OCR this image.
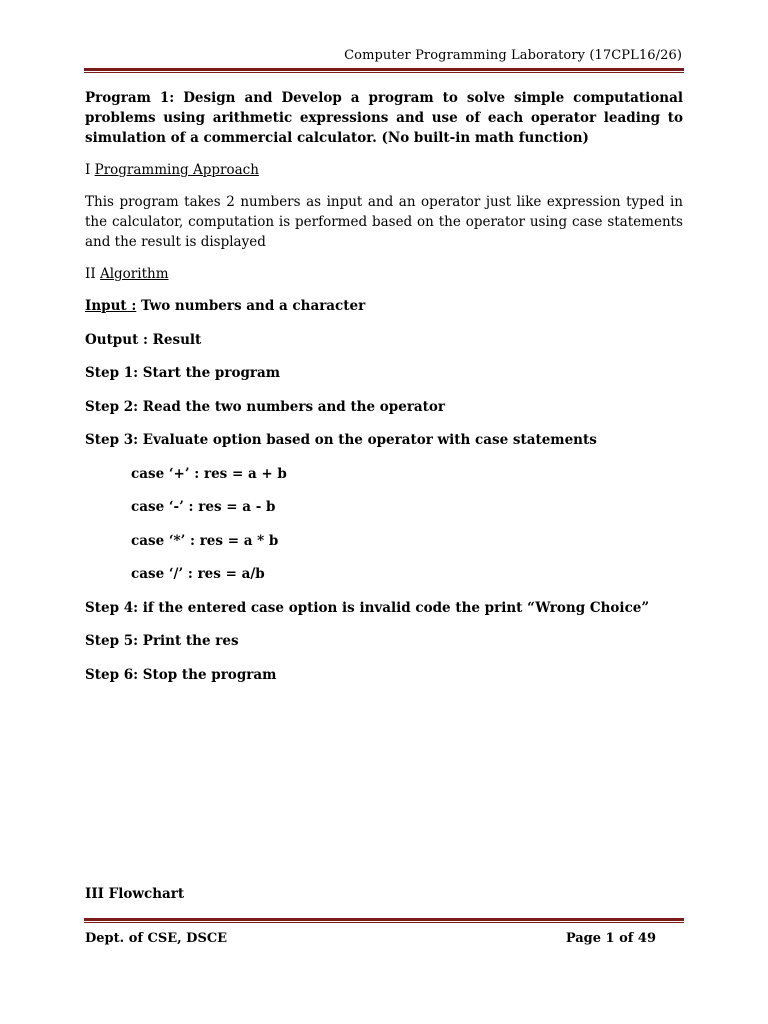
Computer Programming Laboratory (17CPL16/26)

Program 1: Design and Develop a program to solve simple computational problems using arithmetic expressions and use of each operator leading to simulation of a commercial calculator. (No built-in math function)

I Programming Approach

This program takes 2 numbers as input and an operator just like expression typed in the calculator, computation is performed based on the operator using case statements and the result is displayed

II Algorithm

Input : Two numbers and a character

Output : Result

Step 1: Start the program

Step 2: Read the two numbers and the operator

Step 3: Evaluate option based on the operator with case statements

case ‘+’ : res = a + b

case ‘-’ : res = a - b

case ‘*’ : res = a * b

case ‘/’ : res = a/b

Step 4: if the entered case option is invalid code the print “Wrong Choice”

Step 5: Print the res

Step 6: Stop the program

III Flowchart
Dept. of CSE, DSCE	Page 1 of 49
